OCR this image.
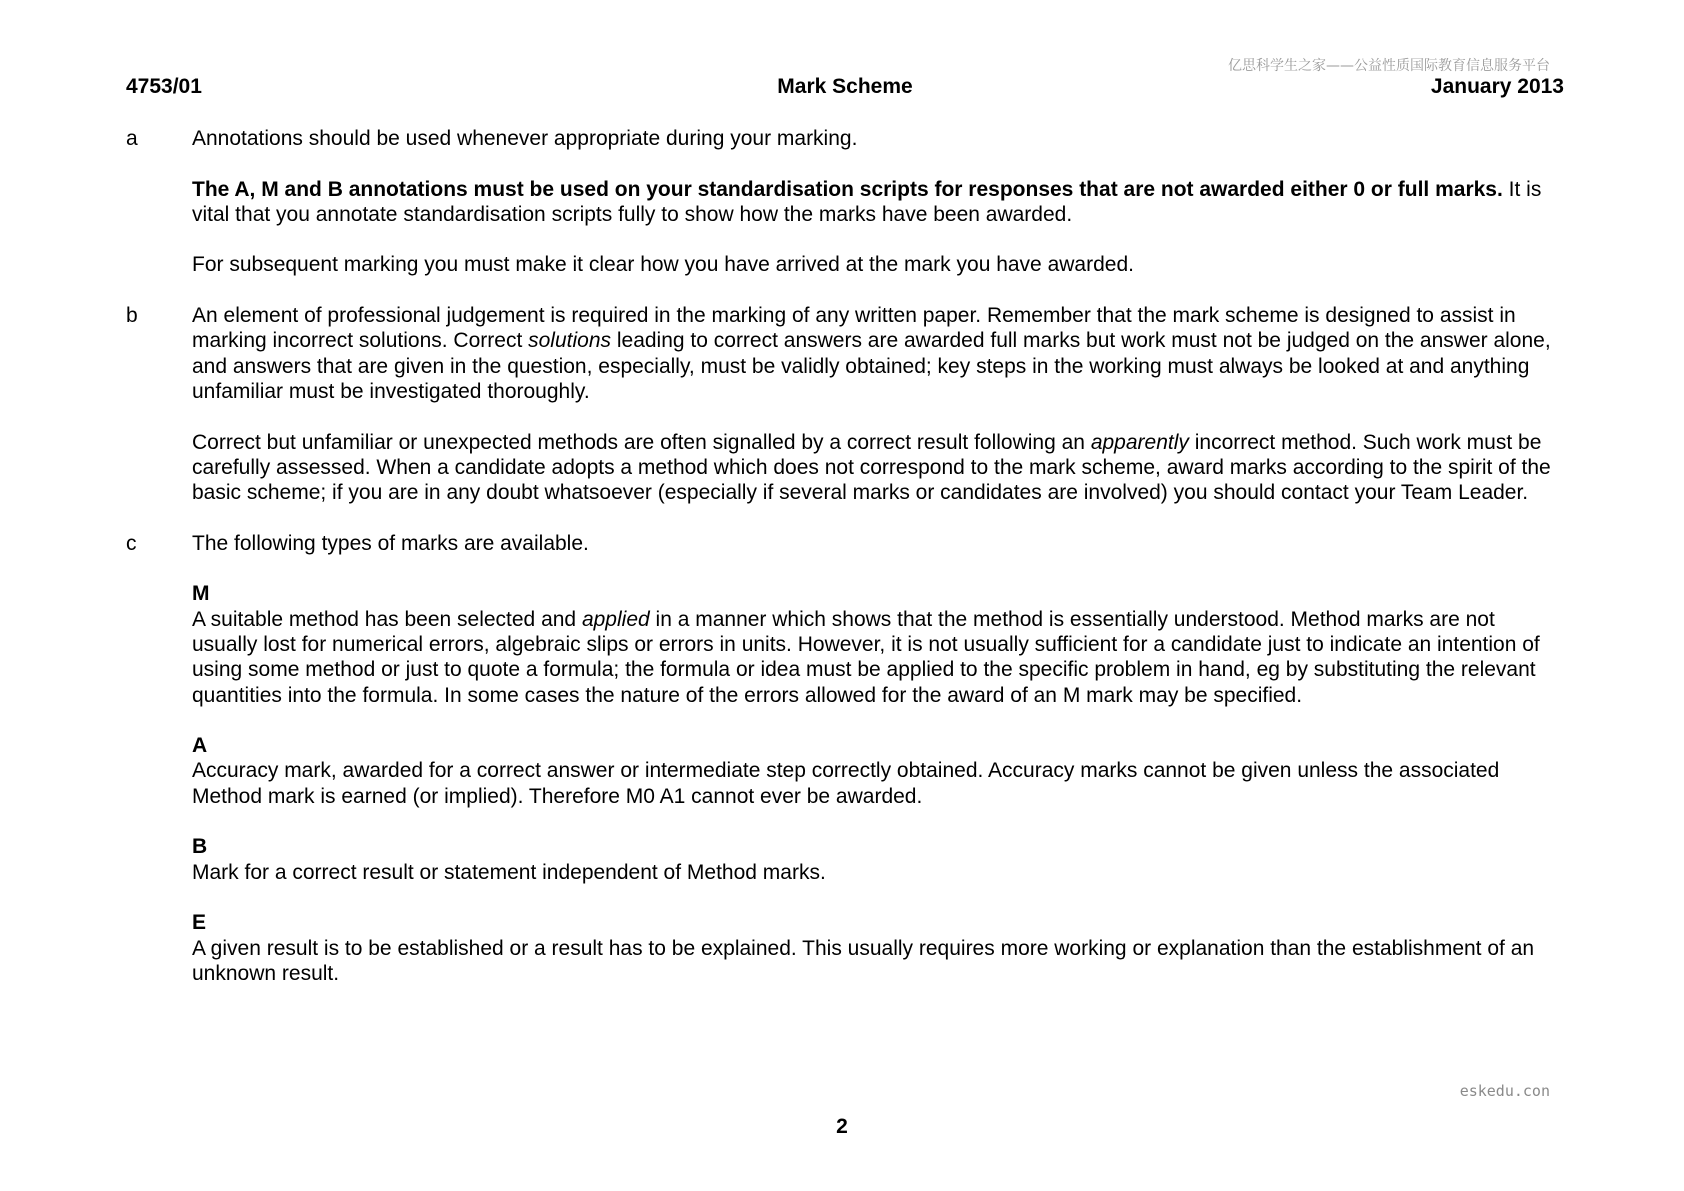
亿思科学生之家——公益性质国际教育信息服务平台
4753/01	Mark Scheme	January 2013
a	Annotations should be used whenever appropriate during your marking.

The A, M and B annotations must be used on your standardisation scripts for responses that are not awarded either 0 or full marks. It is vital that you annotate standardisation scripts fully to show how the marks have been awarded.

For subsequent marking you must make it clear how you have arrived at the mark you have awarded.

b	An element of professional judgement is required in the marking of any written paper. Remember that the mark scheme is designed to assist in marking incorrect solutions. Correct solutions leading to correct answers are awarded full marks but work must not be judged on the answer alone, and answers that are given in the question, especially, must be validly obtained; key steps in the working must always be looked at and anything unfamiliar must be investigated thoroughly.

Correct but unfamiliar or unexpected methods are often signalled by a correct result following an apparently incorrect method. Such work must be carefully assessed. When a candidate adopts a method which does not correspond to the mark scheme, award marks according to the spirit of the basic scheme; if you are in any doubt whatsoever (especially if several marks or candidates are involved) you should contact your Team Leader.

c	The following types of marks are available.

M

A suitable method has been selected and applied in a manner which shows that the method is essentially understood. Method marks are not usually lost for numerical errors, algebraic slips or errors in units. However, it is not usually sufficient for a candidate just to indicate an intention of using some method or just to quote a formula; the formula or idea must be applied to the specific problem in hand, eg by substituting the relevant quantities into the formula. In some cases the nature of the errors allowed for the award of an M mark may be specified.

A

Accuracy mark, awarded for a correct answer or intermediate step correctly obtained. Accuracy marks cannot be given unless the associated Method mark is earned (or implied). Therefore M0 A1 cannot ever be awarded.

B

Mark for a correct result or statement independent of Method marks.

E

A given result is to be established or a result has to be explained. This usually requires more working or explanation than the establishment of an unknown result.

eskedu.con
2
